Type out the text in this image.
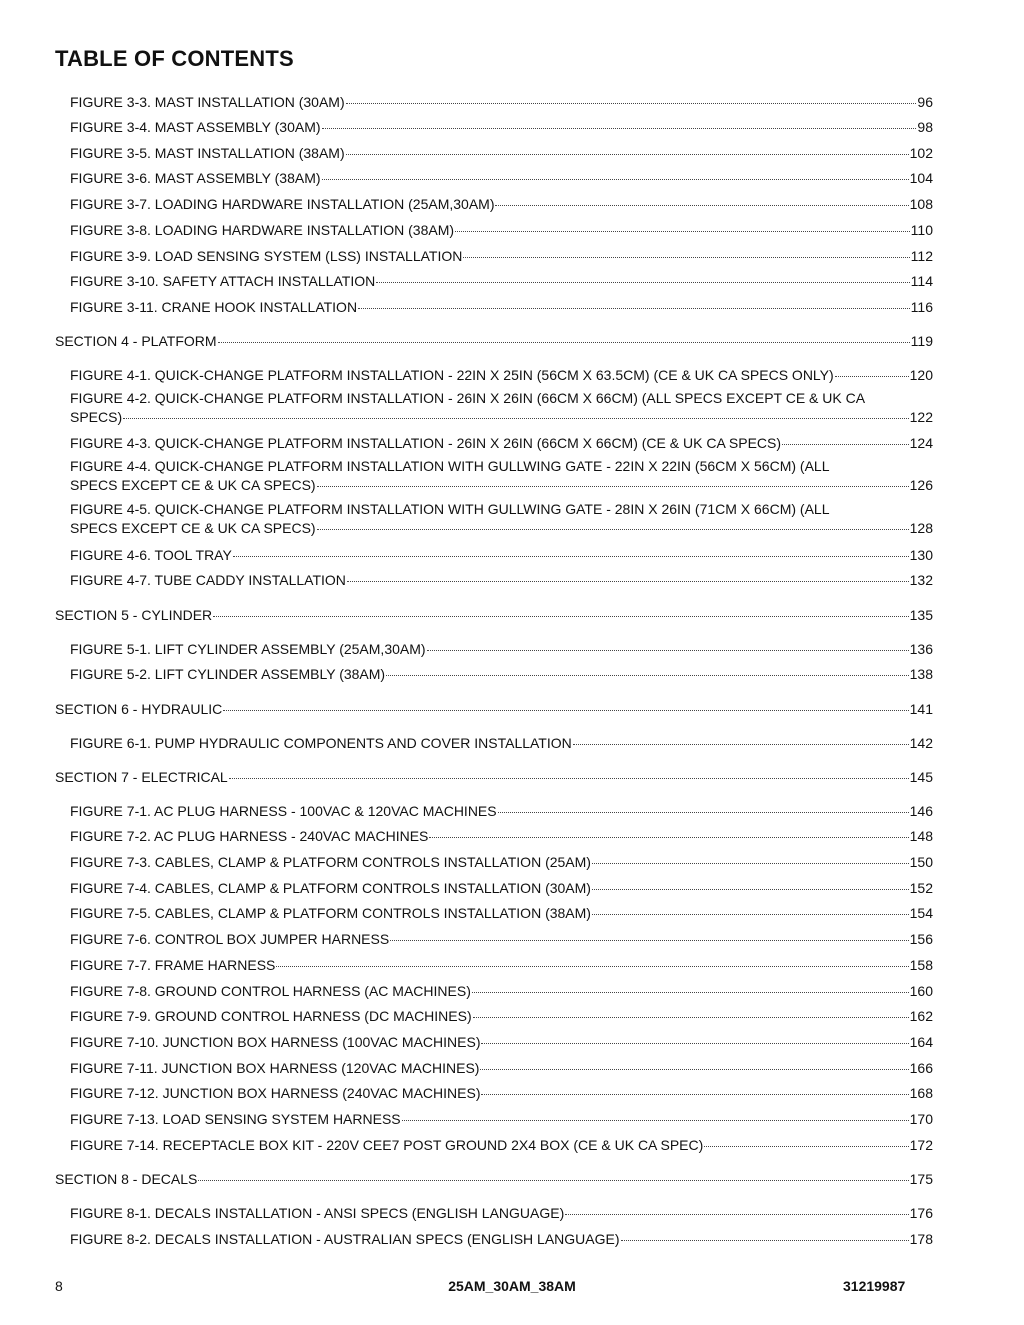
TABLE OF CONTENTS
FIGURE 3-3. MAST INSTALLATION (30AM)	96
FIGURE 3-4. MAST ASSEMBLY (30AM)	98
FIGURE 3-5. MAST INSTALLATION (38AM)	102
FIGURE 3-6. MAST ASSEMBLY (38AM)	104
FIGURE 3-7. LOADING HARDWARE INSTALLATION (25AM,30AM)	108
FIGURE 3-8. LOADING HARDWARE INSTALLATION (38AM)	110
FIGURE 3-9. LOAD SENSING SYSTEM (LSS) INSTALLATION	112
FIGURE 3-10. SAFETY ATTACH INSTALLATION	114
FIGURE 3-11. CRANE HOOK INSTALLATION	116
SECTION 4 - PLATFORM	119
FIGURE 4-1. QUICK-CHANGE PLATFORM INSTALLATION - 22IN X 25IN (56CM X 63.5CM) (CE & UK CA SPECS ONLY)	120
FIGURE 4-2. QUICK-CHANGE PLATFORM INSTALLATION - 26IN X 26IN (66CM X 66CM) (ALL SPECS EXCEPT CE & UK CA
SPECS)	122
FIGURE 4-3. QUICK-CHANGE PLATFORM INSTALLATION - 26IN X 26IN (66CM X 66CM) (CE & UK CA SPECS)	124
FIGURE 4-4. QUICK-CHANGE PLATFORM INSTALLATION WITH GULLWING GATE - 22IN X 22IN (56CM X 56CM) (ALL
SPECS EXCEPT CE & UK CA SPECS)	126
FIGURE 4-5. QUICK-CHANGE PLATFORM INSTALLATION WITH GULLWING GATE - 28IN X 26IN (71CM X 66CM) (ALL
SPECS EXCEPT CE & UK CA SPECS)	128
FIGURE 4-6. TOOL TRAY	130
FIGURE 4-7. TUBE CADDY INSTALLATION	132
SECTION 5 - CYLINDER	135
FIGURE 5-1. LIFT CYLINDER ASSEMBLY (25AM,30AM)	136
FIGURE 5-2. LIFT CYLINDER ASSEMBLY (38AM)	138
SECTION 6 - HYDRAULIC	141
FIGURE 6-1. PUMP HYDRAULIC COMPONENTS AND COVER INSTALLATION	142
SECTION 7 - ELECTRICAL	145
FIGURE 7-1. AC PLUG HARNESS - 100VAC & 120VAC MACHINES	146
FIGURE 7-2. AC PLUG HARNESS - 240VAC MACHINES	148
FIGURE 7-3. CABLES, CLAMP & PLATFORM CONTROLS INSTALLATION (25AM)	150
FIGURE 7-4. CABLES, CLAMP & PLATFORM CONTROLS INSTALLATION (30AM)	152
FIGURE 7-5. CABLES, CLAMP & PLATFORM CONTROLS INSTALLATION (38AM)	154
FIGURE 7-6. CONTROL BOX JUMPER HARNESS	156
FIGURE 7-7. FRAME HARNESS	158
FIGURE 7-8. GROUND CONTROL HARNESS (AC MACHINES)	160
FIGURE 7-9. GROUND CONTROL HARNESS (DC MACHINES)	162
FIGURE 7-10. JUNCTION BOX HARNESS (100VAC MACHINES)	164
FIGURE 7-11. JUNCTION BOX HARNESS (120VAC MACHINES)	166
FIGURE 7-12. JUNCTION BOX HARNESS (240VAC MACHINES)	168
FIGURE 7-13. LOAD SENSING SYSTEM HARNESS	170
FIGURE 7-14. RECEPTACLE BOX KIT - 220V CEE7 POST GROUND 2X4 BOX (CE & UK CA SPEC)	172
SECTION 8 - DECALS	175
FIGURE 8-1. DECALS INSTALLATION - ANSI SPECS (ENGLISH LANGUAGE)	176
FIGURE 8-2. DECALS INSTALLATION - AUSTRALIAN SPECS (ENGLISH LANGUAGE)	178
8	25AM_30AM_38AM	31219987
